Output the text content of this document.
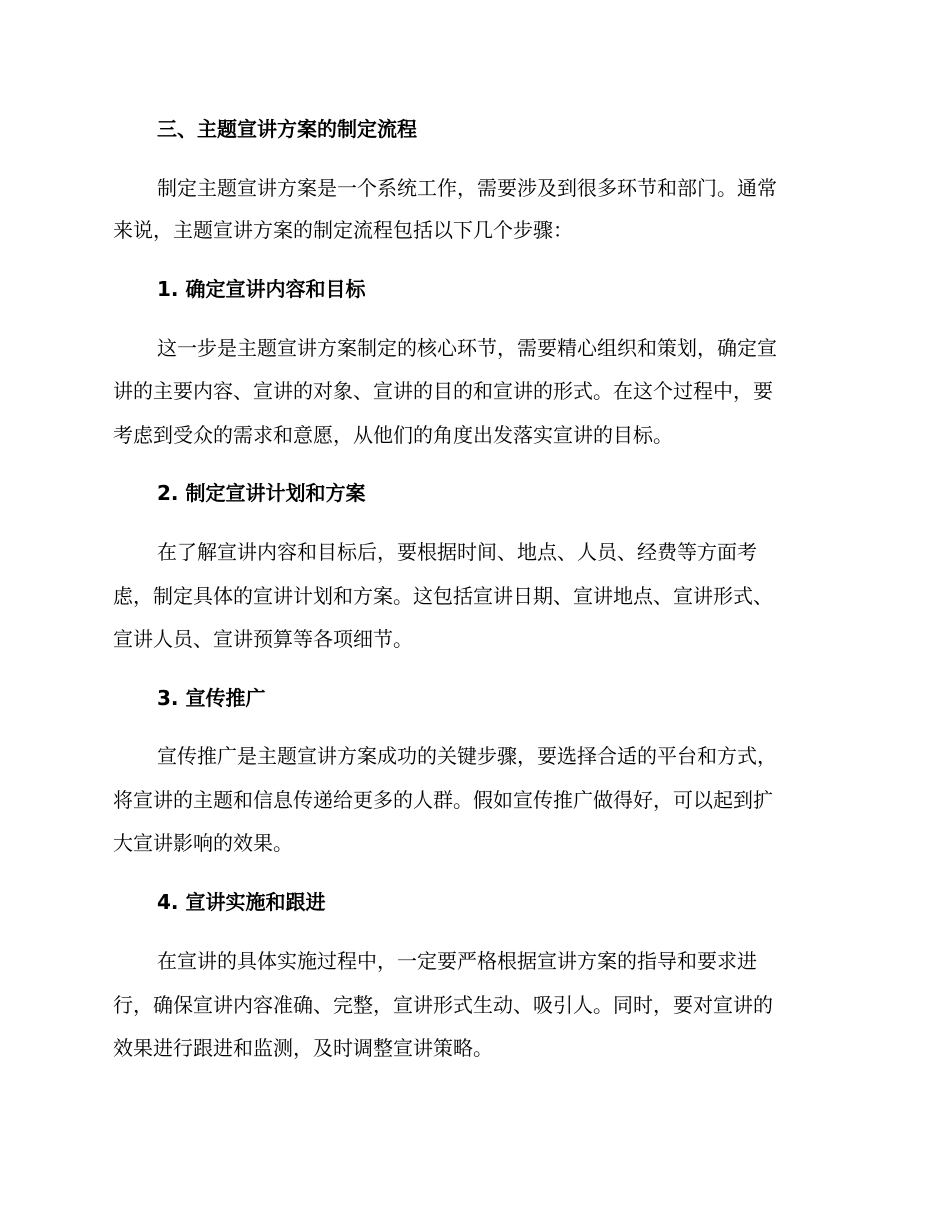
三、主题宣讲方案的制定流程
制定主题宣讲方案是一个系统工作，需要涉及到很多环节和部门。通常
来说，主题宣讲方案的制定流程包括以下几个步骤：
1. 确定宣讲内容和目标
这一步是主题宣讲方案制定的核心环节，需要精心组织和策划，确定宣
讲的主要内容、宣讲的对象、宣讲的目的和宣讲的形式。在这个过程中，要
考虑到受众的需求和意愿，从他们的角度出发落实宣讲的目标。
2. 制定宣讲计划和方案
在了解宣讲内容和目标后，要根据时间、地点、人员、经费等方面考
虑，制定具体的宣讲计划和方案。这包括宣讲日期、宣讲地点、宣讲形式、
宣讲人员、宣讲预算等各项细节。
3. 宣传推广
宣传推广是主题宣讲方案成功的关键步骤，要选择合适的平台和方式，
将宣讲的主题和信息传递给更多的人群。假如宣传推广做得好，可以起到扩
大宣讲影响的效果。
4. 宣讲实施和跟进
在宣讲的具体实施过程中，一定要严格根据宣讲方案的指导和要求进
行，确保宣讲内容准确、完整，宣讲形式生动、吸引人。同时，要对宣讲的
效果进行跟进和监测，及时调整宣讲策略。
